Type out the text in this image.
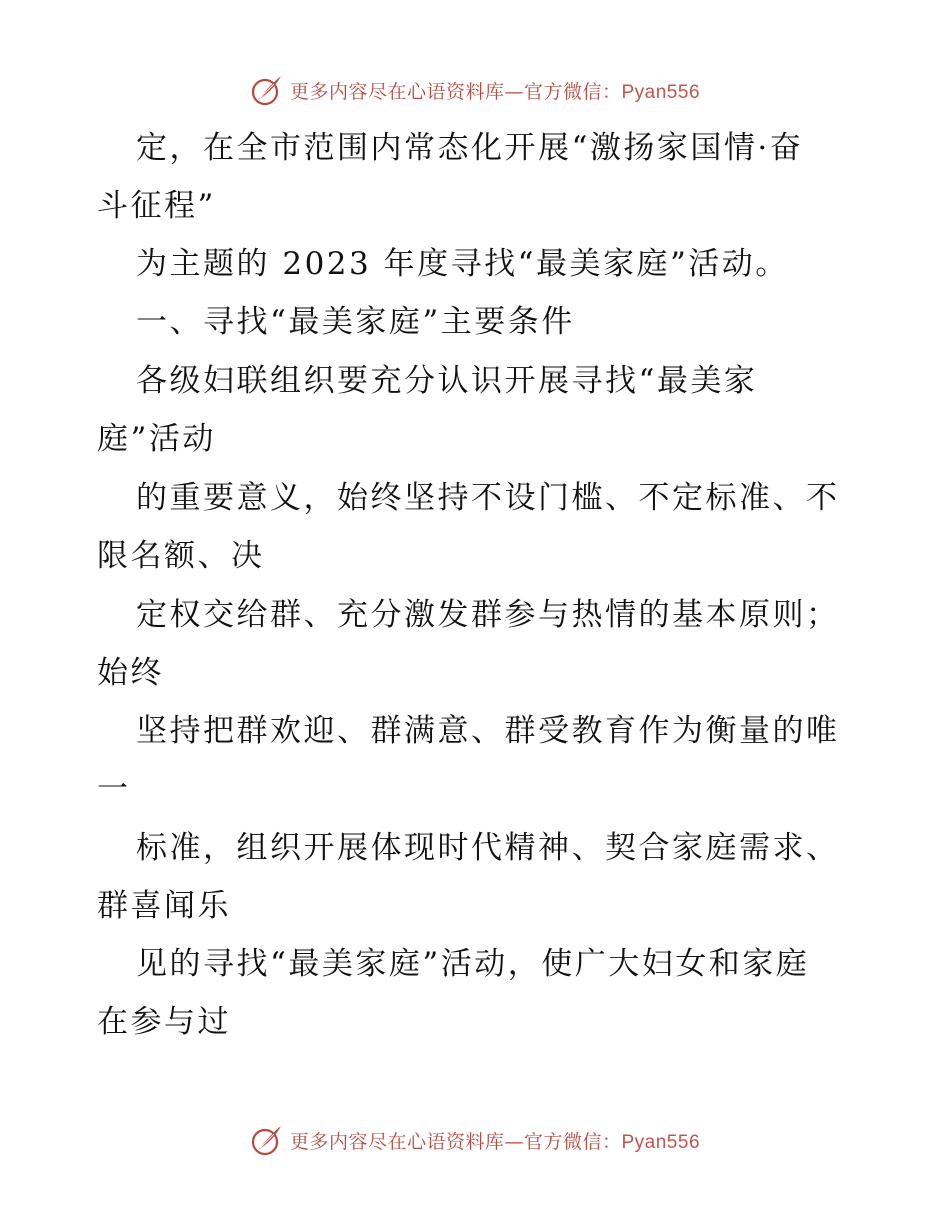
更多内容尽在心语资料库—官方微信：Pyan556
定，在全市范围内常态化开展“激扬家国情·奋
斗征程”
为主题的 2023 年度寻找“最美家庭”活动。
一、寻找“最美家庭”主要条件
各级妇联组织要充分认识开展寻找“最美家
庭”活动
的重要意义，始终坚持不设门槛、不定标准、不
限名额、决
定权交给群、充分激发群参与热情的基本原则；
始终
坚持把群欢迎、群满意、群受教育作为衡量的唯
一
标准，组织开展体现时代精神、契合家庭需求、
群喜闻乐
见的寻找“最美家庭”活动，使广大妇女和家庭
在参与过
更多内容尽在心语资料库—官方微信：Pyan556
